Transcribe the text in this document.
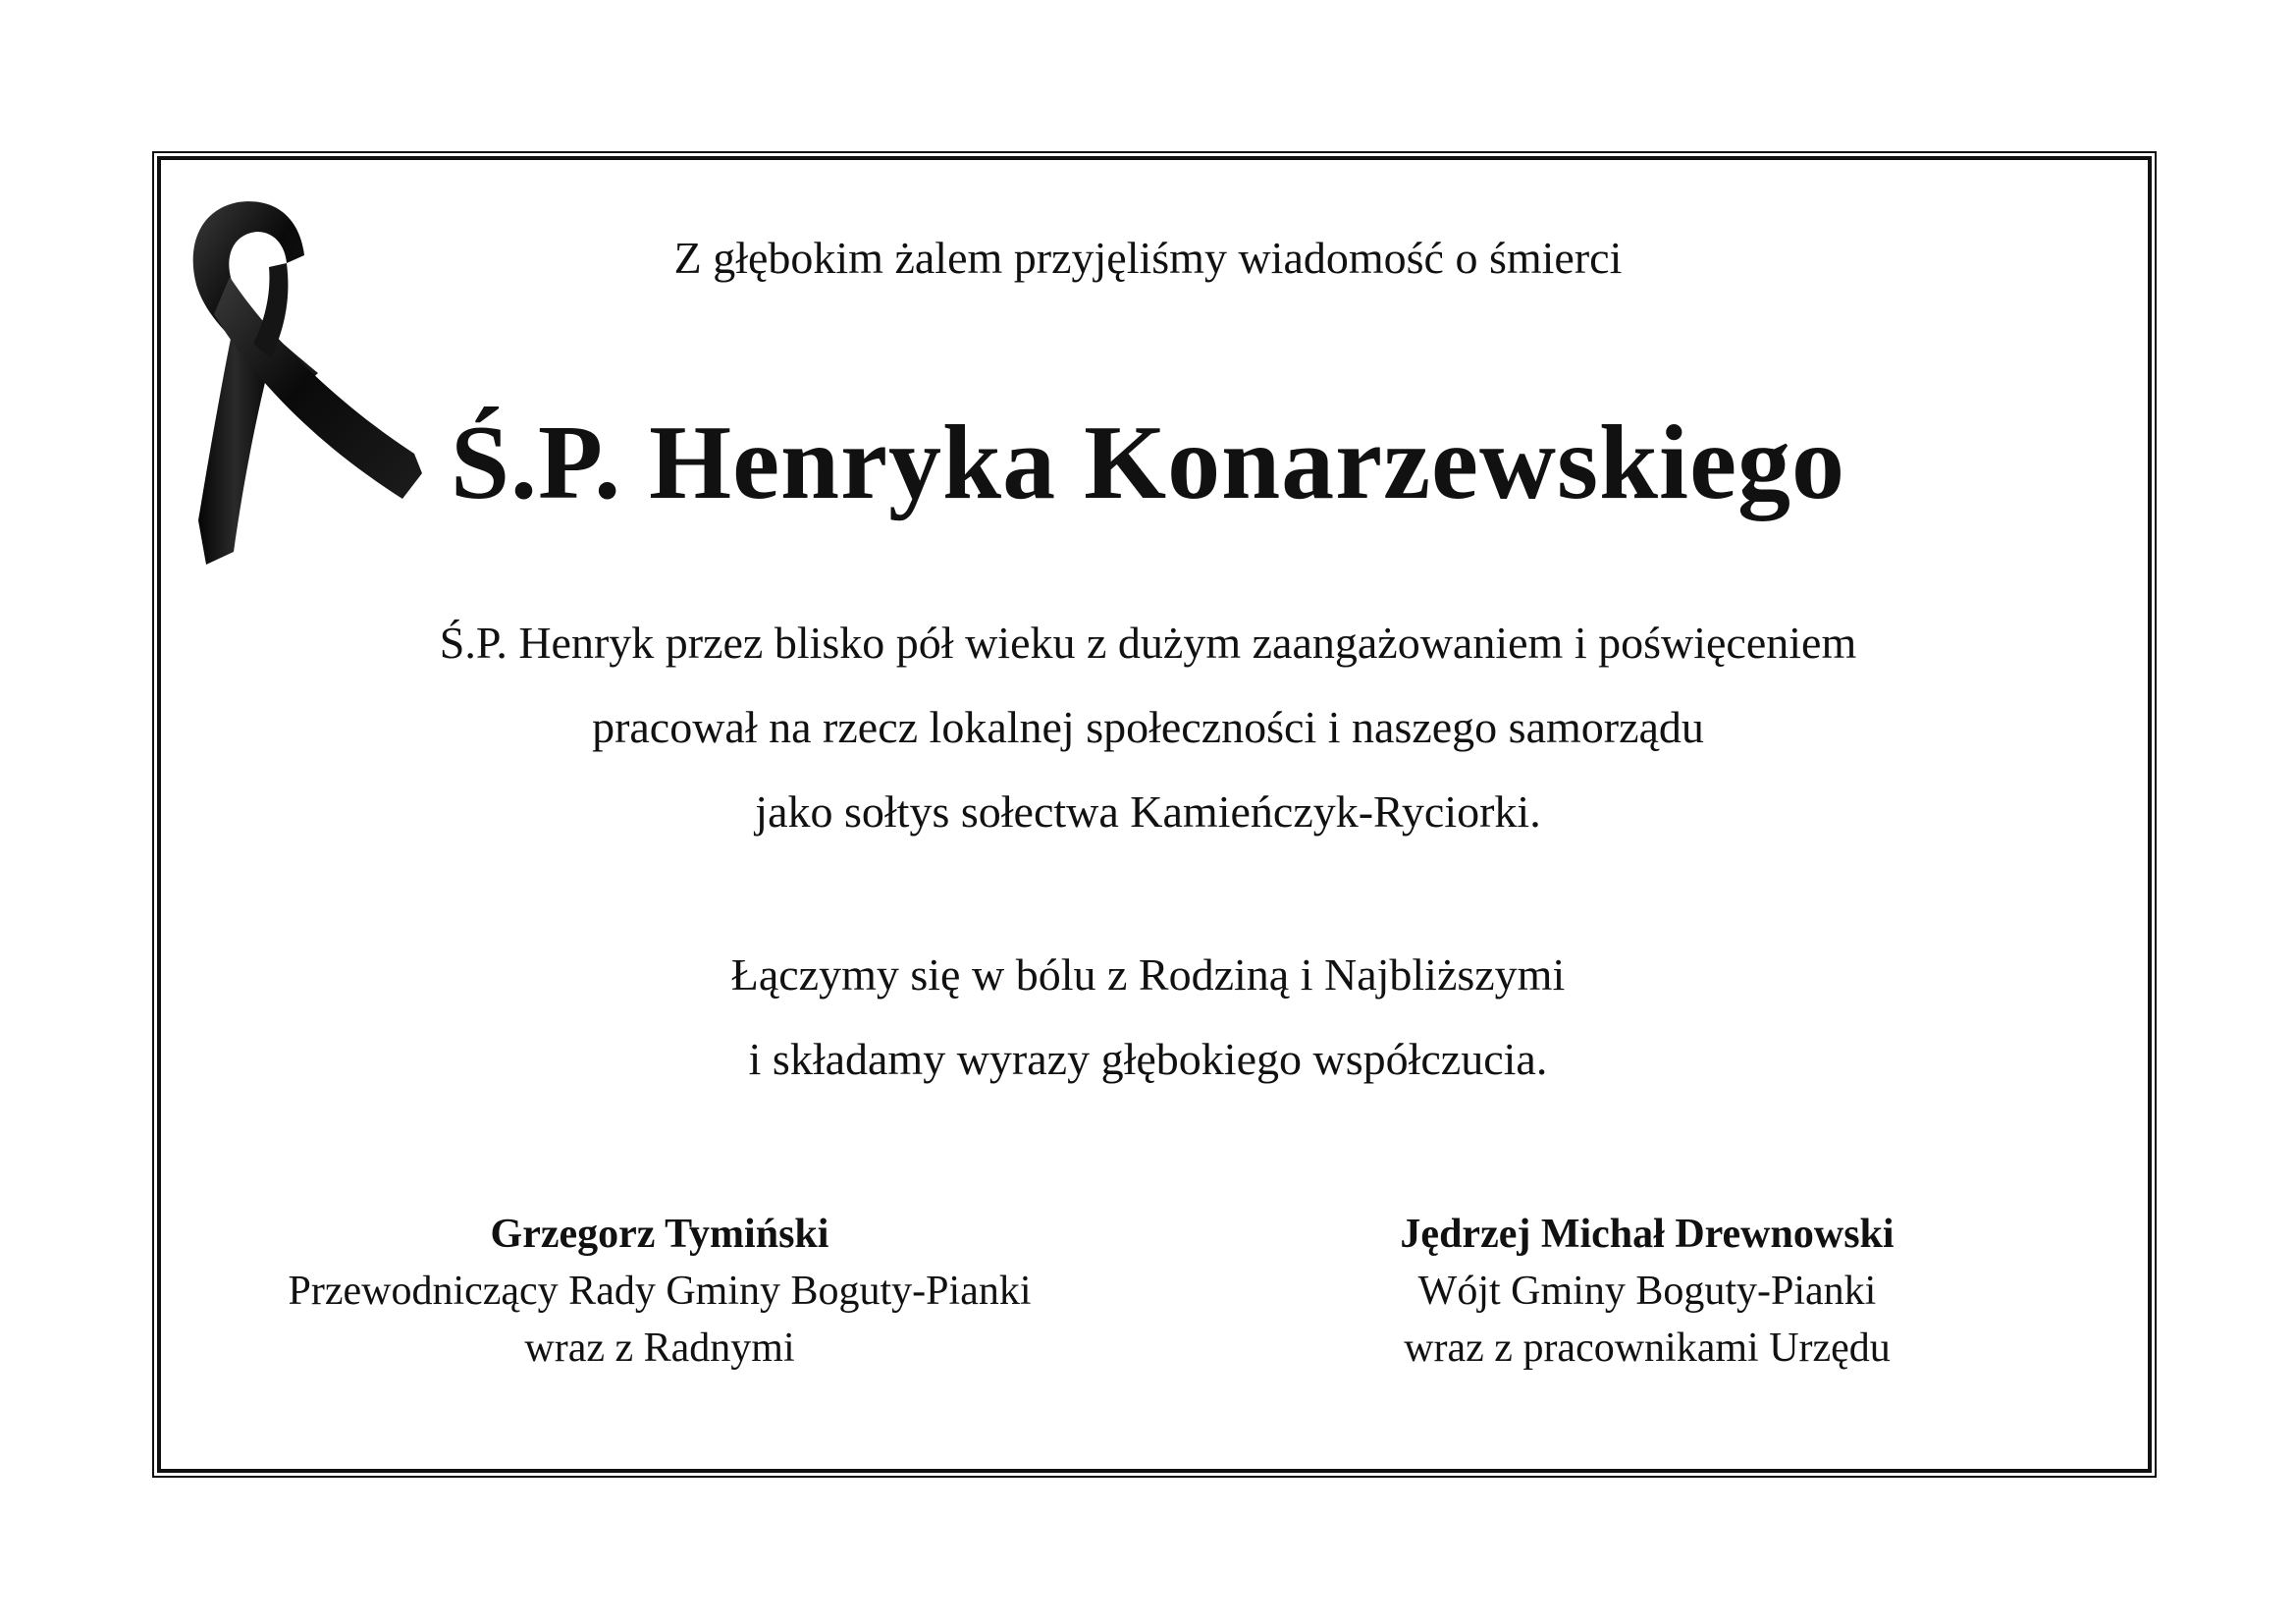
Z głębokim żalem przyjęliśmy wiadomość o śmierci
Ś.P. Henryka Konarzewskiego
Ś.P. Henryk przez blisko pół wieku z dużym zaangażowaniem i poświęceniem
pracował na rzecz lokalnej społeczności i naszego samorządu
jako sołtys sołectwa Kamieńczyk-Ryciorki.
Łączymy się w bólu z Rodziną i Najbliższymi
i składamy wyrazy głębokiego współczucia.
Grzegorz Tymiński
Przewodniczący Rady Gminy Boguty-Pianki
wraz z Radnymi
Jędrzej Michał Drewnowski
Wójt Gminy Boguty-Pianki
wraz z pracownikami Urzędu
